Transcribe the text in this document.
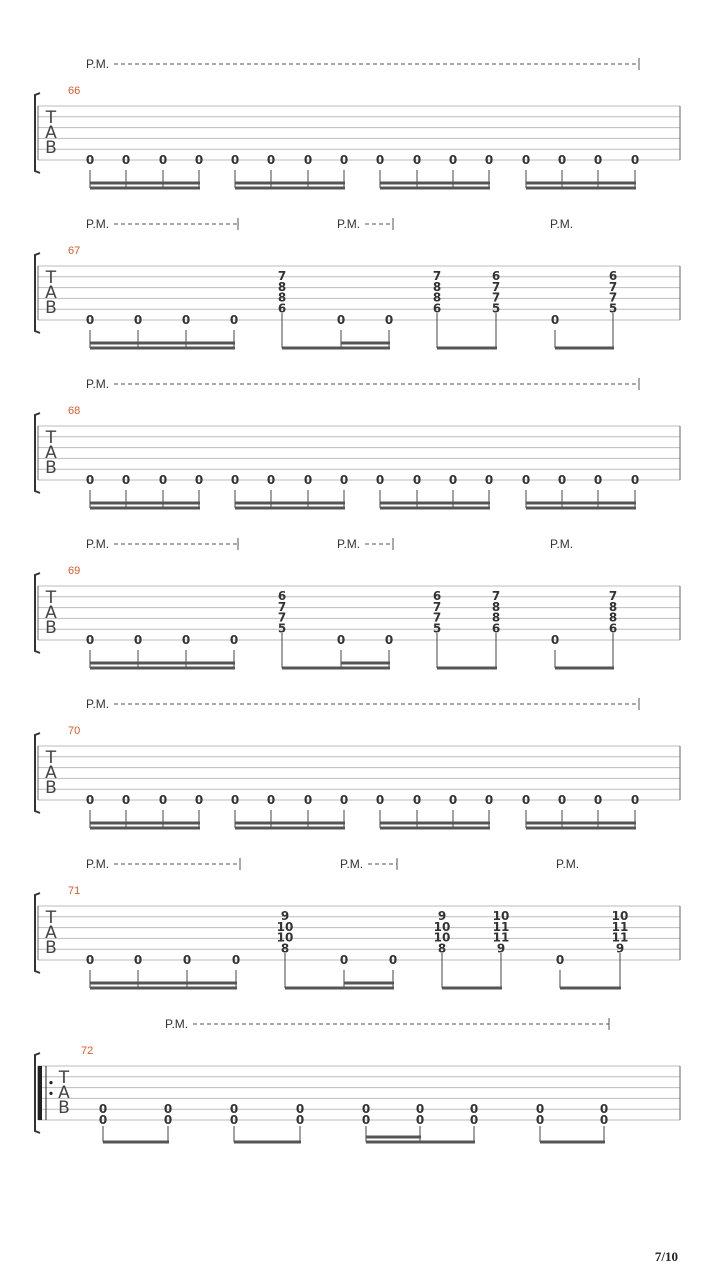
66
P.M.
T
A
B
0 0 0 0 0 0 0 0 0 0 0 0 0 0 0 0
67
P.M.	P.M.	P.M.
T
A
B
0	0	0	0
7
8
8
6
7
8
8
6
6
7
7
5
6
7
7
5
0	0	0
68
P.M.
T
A
B
0 0 0 0 0 0 0 0 0 0 0 0 0 0 0 0
69
P.M.	P.M.	P.M.
T
A
B
0	0	0	0
6
7
7
5
6
7
7
5
7
8
8
6
7
8
8
6
0	0	0
70
P.M.
T
A
B
0 0 0 0 0 0 0 0 0 0 0 0 0 0 0 0
71
P.M.	P.M.	P.M.
T
A
B
0	0	0	0
9
10
10
8
9
10
10
8
10
11
11
9
10
11
11
9
0	0	0
72
P.M.
T
A
B 0
0
0
0
0
0
0
0
0
0
0
0
0
0
0
0
0
0
7/10
